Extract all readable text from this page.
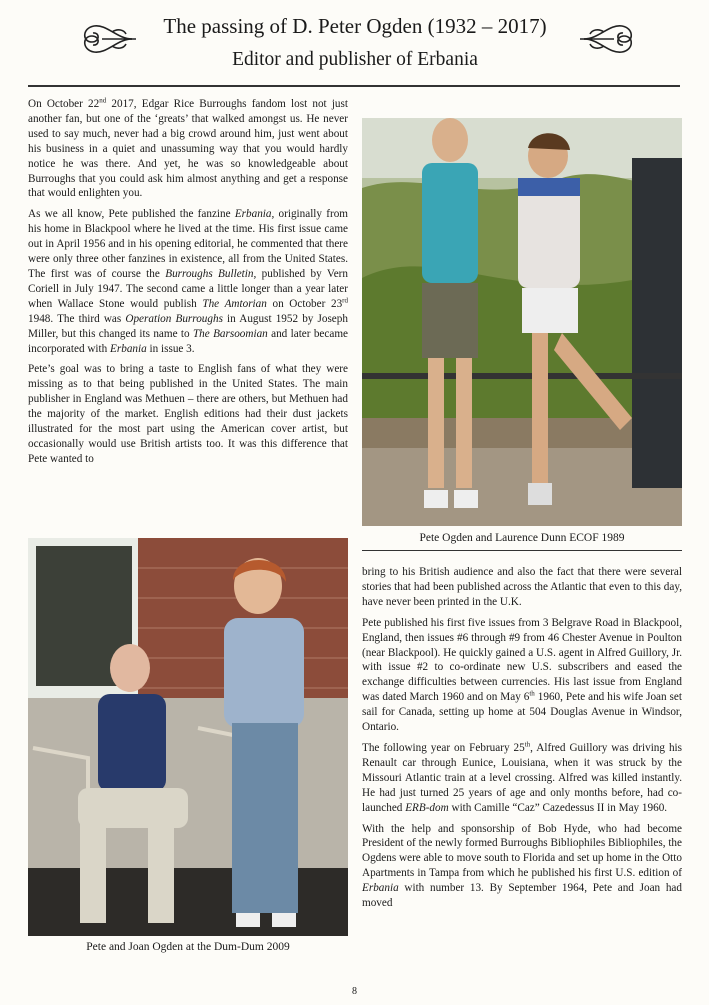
The passing of D. Peter Ogden (1932 – 2017)
Editor and publisher of Erbania

On October 22nd 2017, Edgar Rice Burroughs fandom lost not just another fan, but one of the ‘greats’ that walked amongst us. He never used to say much, never had a big crowd around him, just went about his business in a quiet and unassuming way that you would hardly notice he was there. And yet, he was so knowledgeable about Burroughs that you could ask him almost anything and get a response that would enlighten you.

As we all know, Pete published the fanzine Erbania, originally from his home in Blackpool where he lived at the time. His first issue came out in April 1956 and in his opening editorial, he commented that there were only three other fanzines in existence, all from the United States. The first was of course the Burroughs Bulletin, published by Vern Coriell in July 1947. The second came a little longer than a year later when Wallace Stone would publish The Amtorian on October 23rd 1948. The third was Operation Burroughs in August 1952 by Joseph Miller, but this changed its name to The Barsoomian and later became incorporated with Erbania in issue 3.

Pete’s goal was to bring a taste to English fans of what they were missing as to that being published in the United States. The main publisher in England was Methuen – there are others, but Methuen had the majority of the market. English editions had their dust jackets illustrated for the most part using the American cover artist, but occasionally would use British artists too. It was this difference that Pete wanted to

Pete Ogden and Laurence Dunn ECOF 1989
Pete and Joan Ogden at the Dum-Dum 2009

bring to his British audience and also the fact that there were several stories that had been published across the Atlantic that even to this day, have never been printed in the U.K.

Pete published his first five issues from 3 Belgrave Road in Blackpool, England, then issues #6 through #9 from 46 Chester Avenue in Poulton (near Blackpool). He quickly gained a U.S. agent in Alfred Guillory, Jr. with issue #2 to co-ordinate new U.S. subscribers and eased the exchange difficulties between currencies. His last issue from England was dated March 1960 and on May 6th 1960, Pete and his wife Joan set sail for Canada, setting up home at 504 Douglas Avenue in Windsor, Ontario.

The following year on February 25th, Alfred Guillory was driving his Renault car through Eunice, Louisiana, when it was struck by the Missouri Atlantic train at a level crossing. Alfred was killed instantly. He had just turned 25 years of age and only months before, had co-launched ERB-dom with Camille “Caz” Cazedessus II in May 1960.

With the help and sponsorship of Bob Hyde, who had become President of the newly formed Burroughs Bibliophiles Bibliophiles, the Ogdens were able to move south to Florida and set up home in the Otto Apartments in Tampa from which he published his first U.S. edition of Erbania with number 13. By September 1964, Pete and Joan had moved

8
